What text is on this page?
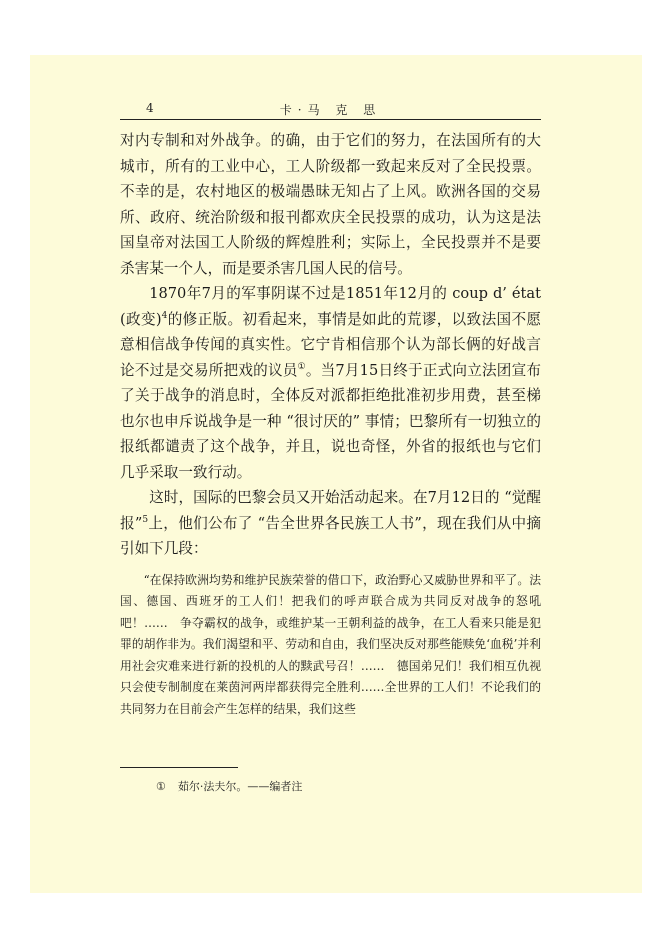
4	卡·马 克 思

对内专制和对外战争。的确，由于它们的努力，在法国所有的大城市，所有的工业中心，工人阶级都一致起来反对了全民投票。不幸的是，农村地区的极端愚昧无知占了上风。欧洲各国的交易所、政府、统治阶级和报刊都欢庆全民投票的成功，认为这是法国皇帝对法国工人阶级的辉煌胜利；实际上，全民投票并不是要杀害某一个人，而是要杀害几国人民的信号。

1870年7月的军事阴谋不过是1851年12月的 coup d’ état (政变)$^4$的修正版。初看起来，事情是如此的荒谬，以致法国不愿意相信战争传闻的真实性。它宁肯相信那个认为部长俩的好战言论不过是交易所把戏的议员①。当7月15日终于正式向立法团宣布了关于战争的消息时，全体反对派都拒绝批准初步用费，甚至梯也尔也申斥说战争是一种 “很讨厌的” 事情；巴黎所有一切独立的报纸都谴责了这个战争，并且，说也奇怪，外省的报纸也与它们几乎采取一致行动。

这时，国际的巴黎会员又开始活动起来。在7月12日的 “觉醒报”$^5$上，他们公布了 “告全世界各民族工人书”，现在我们从中摘引如下几段：

“在保持欧洲均势和维护民族荣誉的借口下，政治野心又威胁世界和平了。法国、德国、西班牙的工人们！把我们的呼声联合成为共同反对战争的怒吼吧！……　争夺霸权的战争，或维护某一王朝利益的战争，在工人看来只能是犯罪的胡作非为。我们渴望和平、劳动和自由，我们坚决反对那些能赎免‘血税’并利用社会灾难来进行新的投机的人的黩武号召！……　德国弟兄们！我们相互仇视只会使专制制度在莱茵河两岸都获得完全胜利……全世界的工人们！不论我们的共同努力在目前会产生怎样的结果，我们这些

① 茹尔·法夫尔。——编者注
